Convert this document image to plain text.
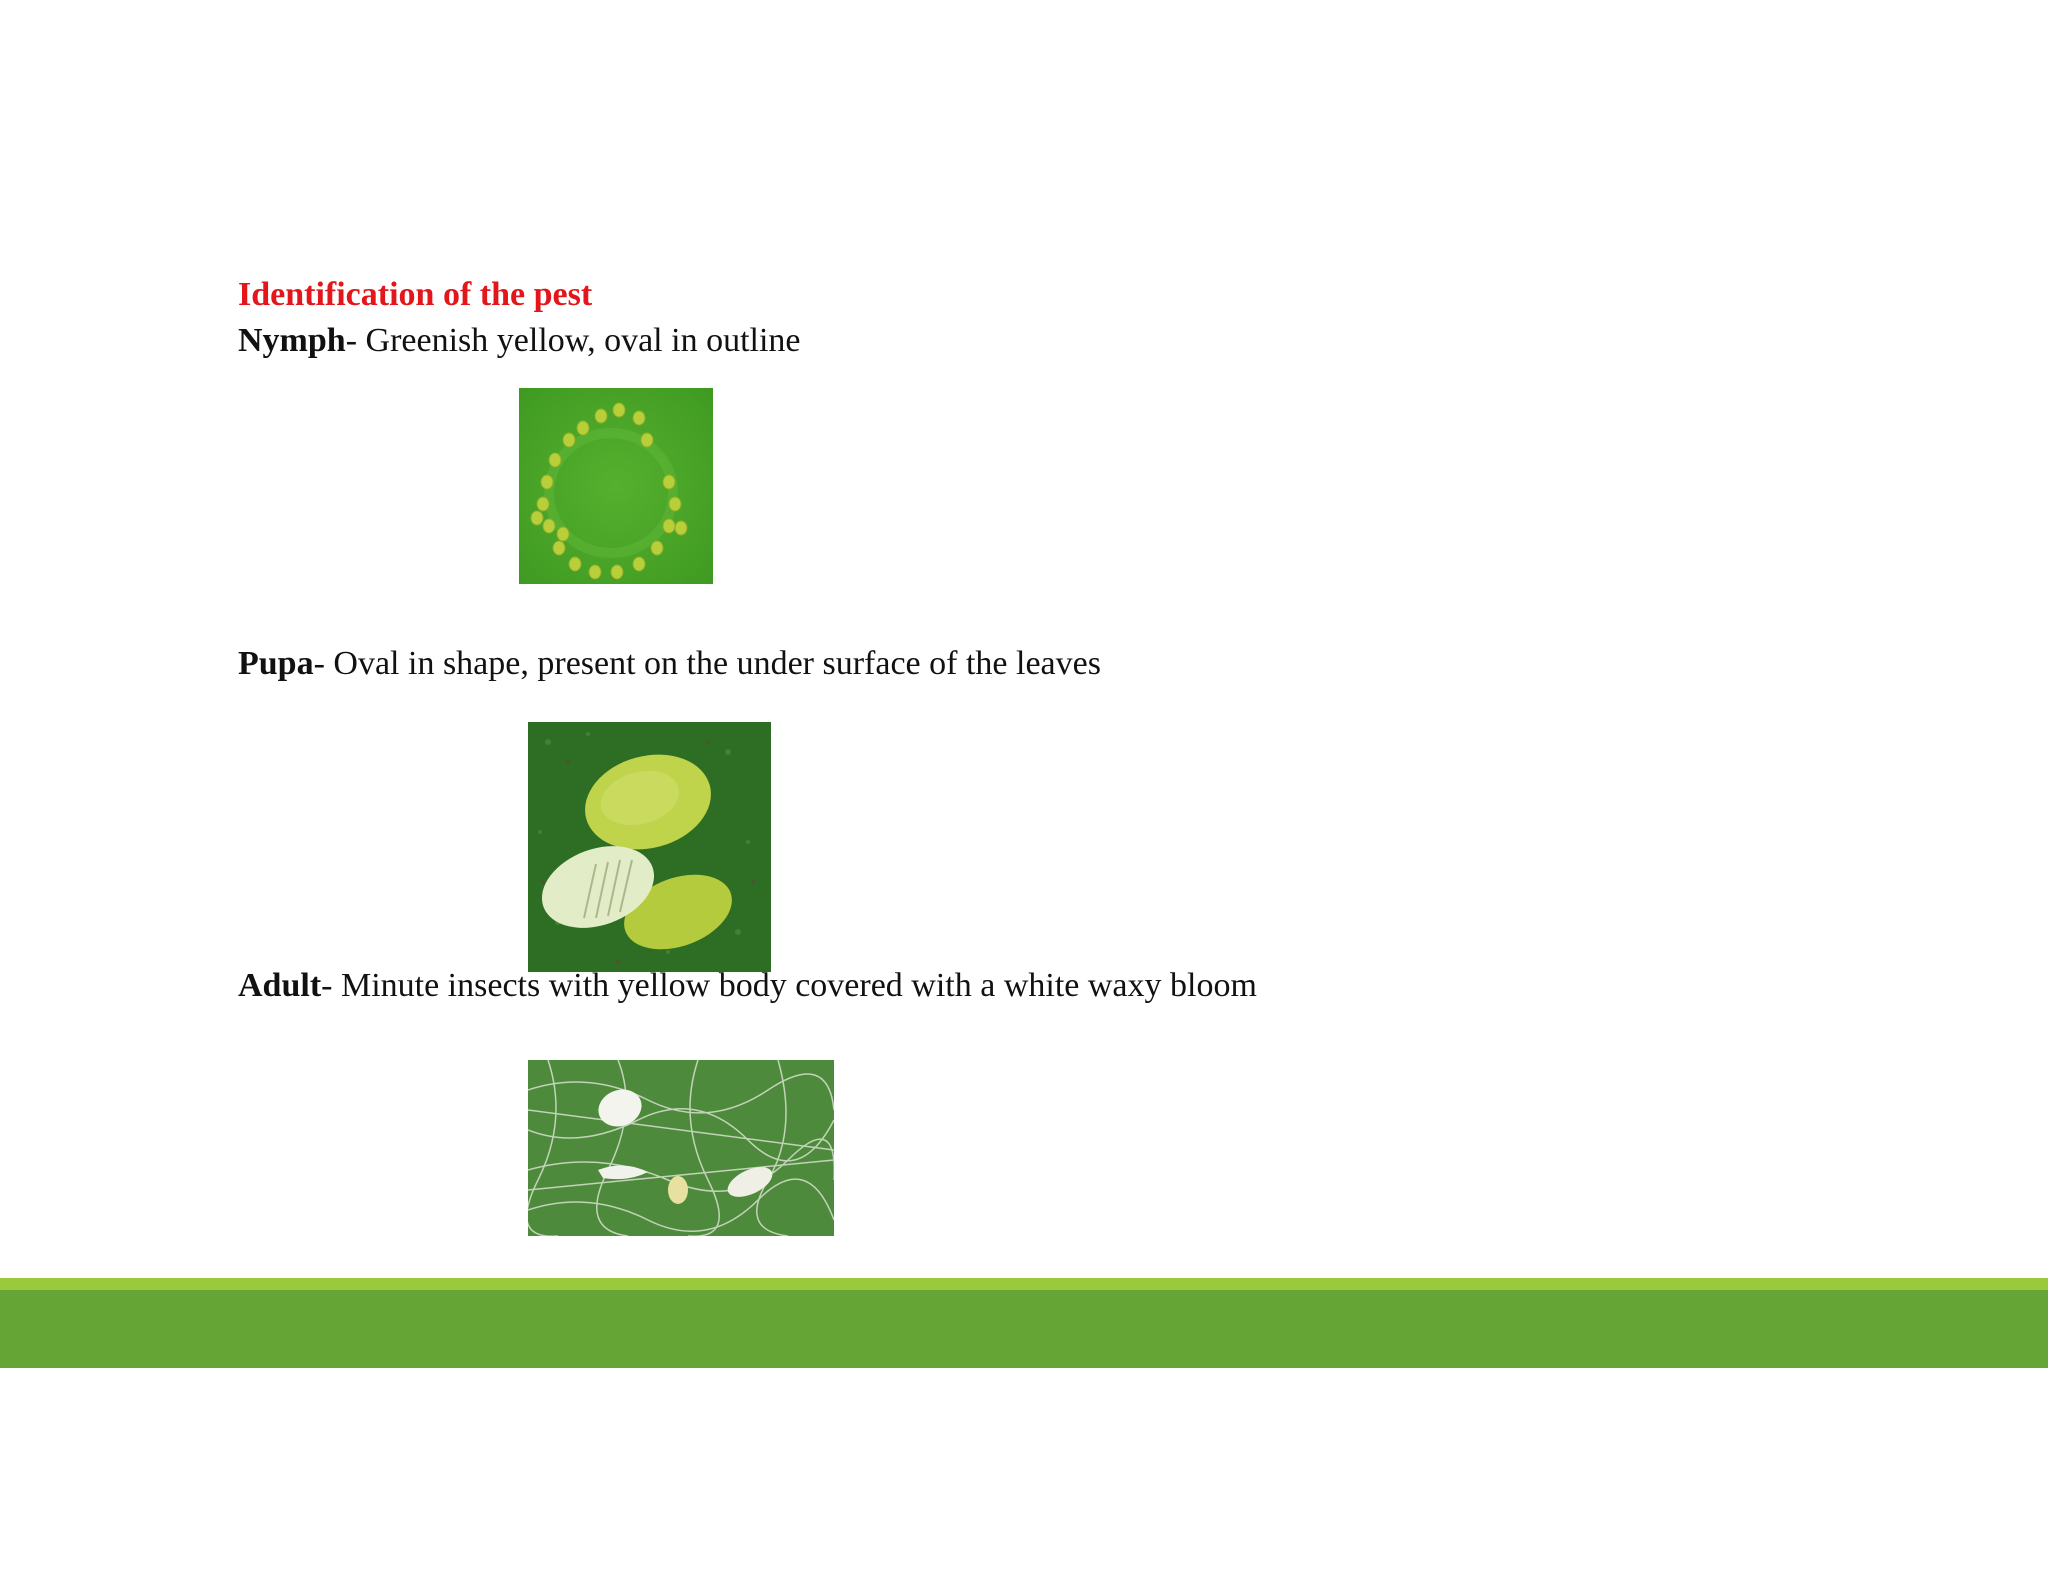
Identification of the pest
Nymph- Greenish yellow, oval in outline
Pupa- Oval in shape, present on the under surface of the leaves
Adult- Minute insects with yellow body covered with a white waxy bloom
